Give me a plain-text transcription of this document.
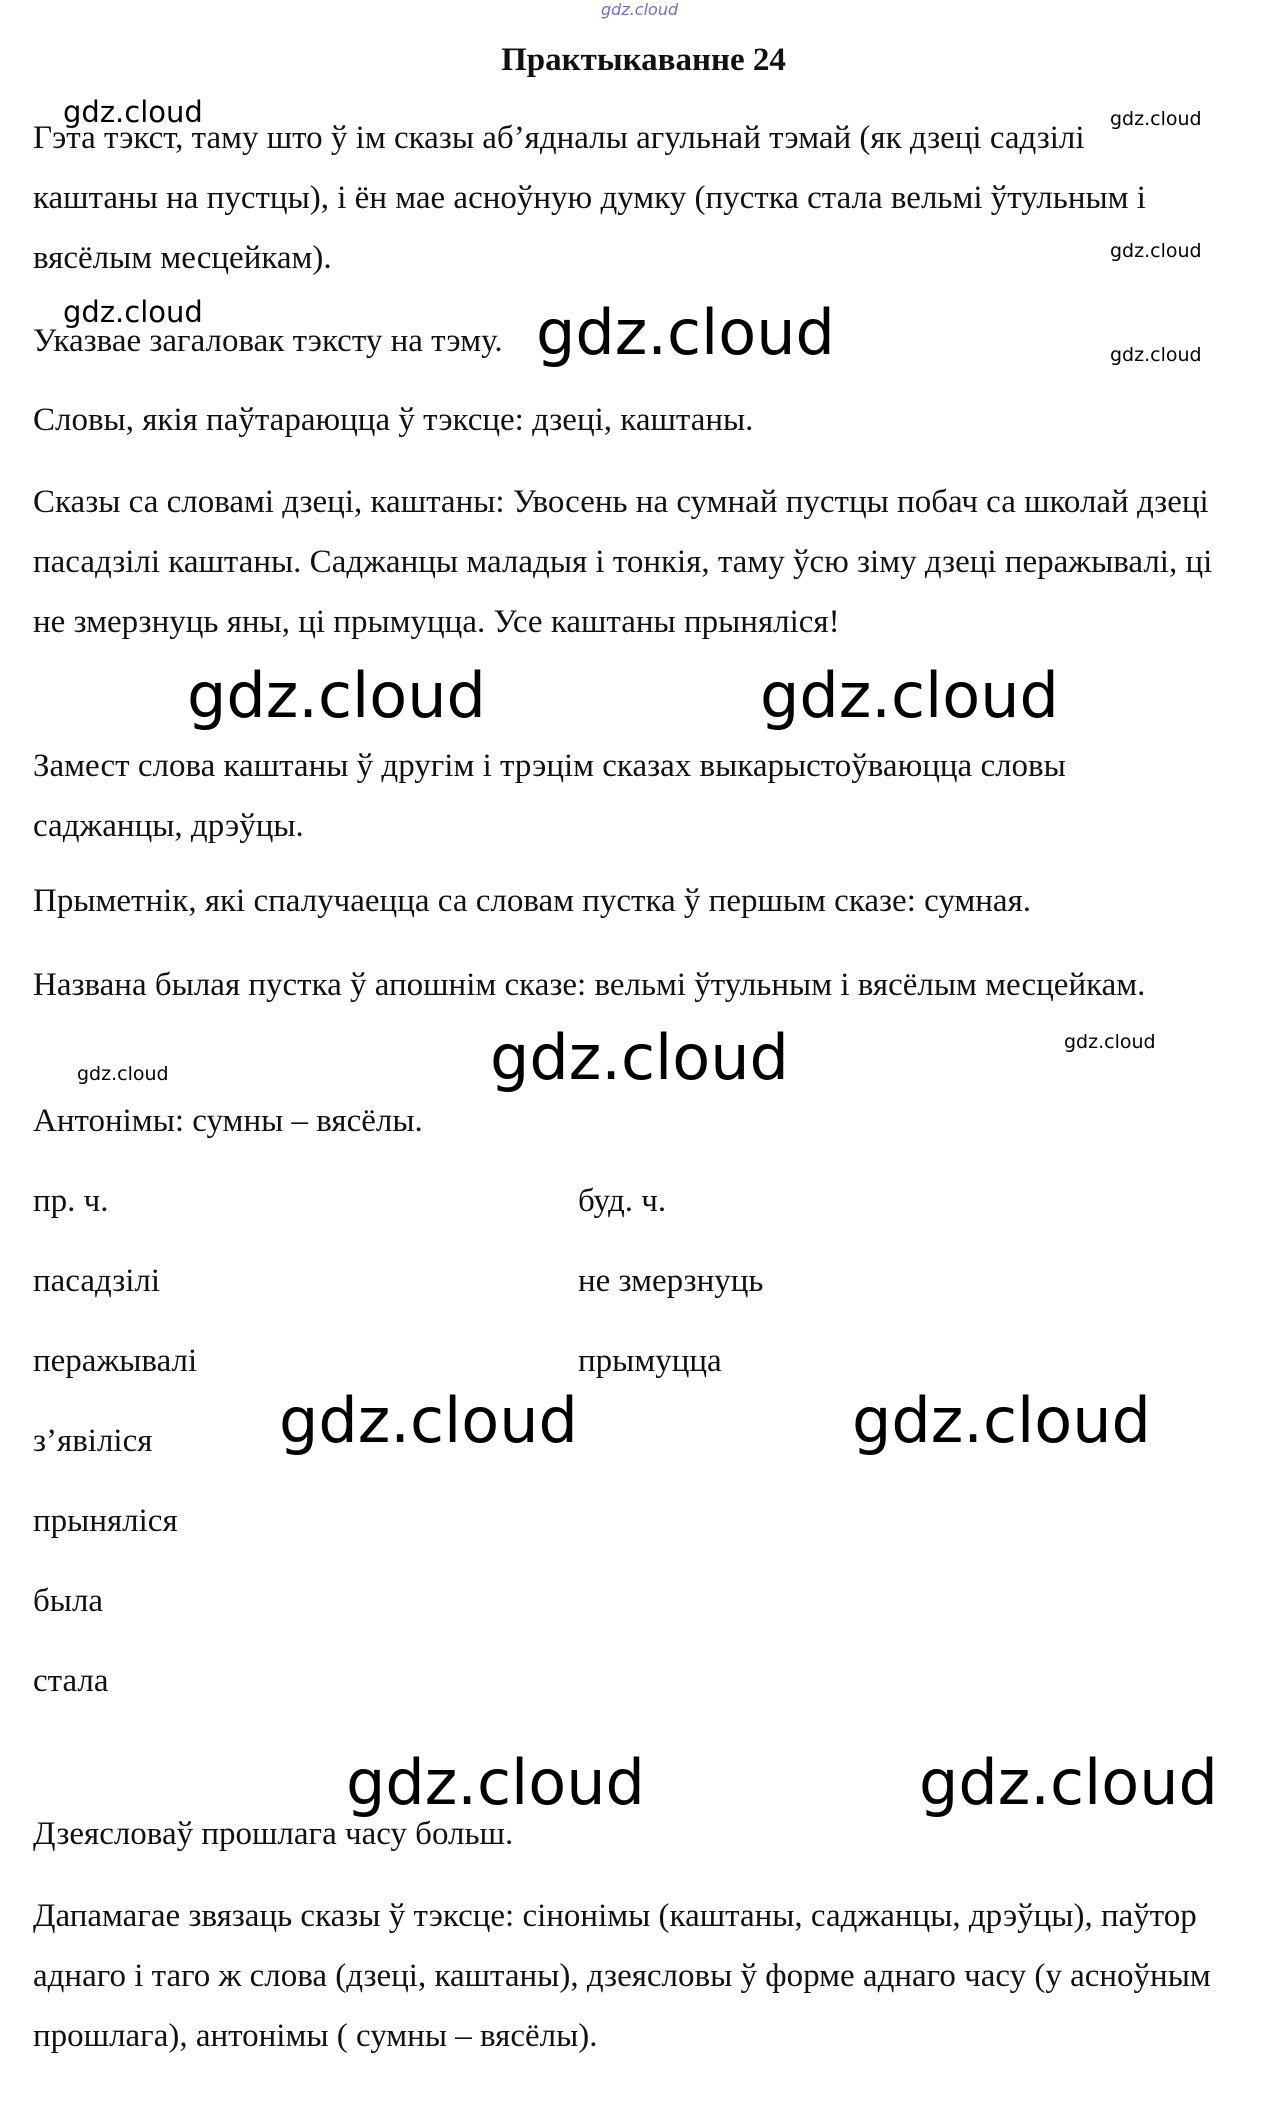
gdz.cloud
Практыкаванне 24

Гэта тэкст, таму што ў ім сказы аб’ядналы агульнай тэмай (як дзеці садзілі каштаны на пустцы), і ён мае асноўную думку (пустка стала вельмі ўтульным і вясёлым месцейкам).

Указвае загаловак тэксту на тэму.

Словы, якія паўтараюцца ў тэксце: дзеці, каштаны.

Сказы са словамі дзеці, каштаны: Увосень на сумнай пустцы побач са школай дзеці пасадзілі каштаны. Саджанцы маладыя і тонкія, таму ўсю зіму дзеці перажывалі, ці не змерзнуць яны, ці прымуцца. Усе каштаны прыняліся!

Замест слова каштаны ў другім і трэцім сказах выкарыстоўваюцца словы саджанцы, дрэўцы.

Прыметнік, які спалучаецца са словам пустка ў першым сказе: сумная.

Названа былая пустка ў апошнім сказе: вельмі ўтульным і вясёлым месцейкам.

Антонімы: сумны – вясёлы.

пр. ч.	буд. ч.

пасадзілі	не змерзнуць

перажывалі	прымуцца

з’явіліся

прыняліся

была

стала

Дзеясловаў прошлага часу больш.

Дапамагае звязаць сказы ў тэксце: сінонімы (каштаны, саджанцы, дрэўцы), паўтор аднаго і таго ж слова (дзеці, каштаны), дзеясловы ў форме аднаго часу (у асноўным прошлага), антонімы ( сумны – вясёлы).

gdz.cloud	gdz.cloud
gdz.cloud
gdz.cloud	gdz.cloud	gdz.cloud
gdz.cloud	gdz.cloud
gdz.cloud	gdz.cloud
gdz.cloud
gdz.cloud	gdz.cloud
gdz.cloud	gdz.cloud
